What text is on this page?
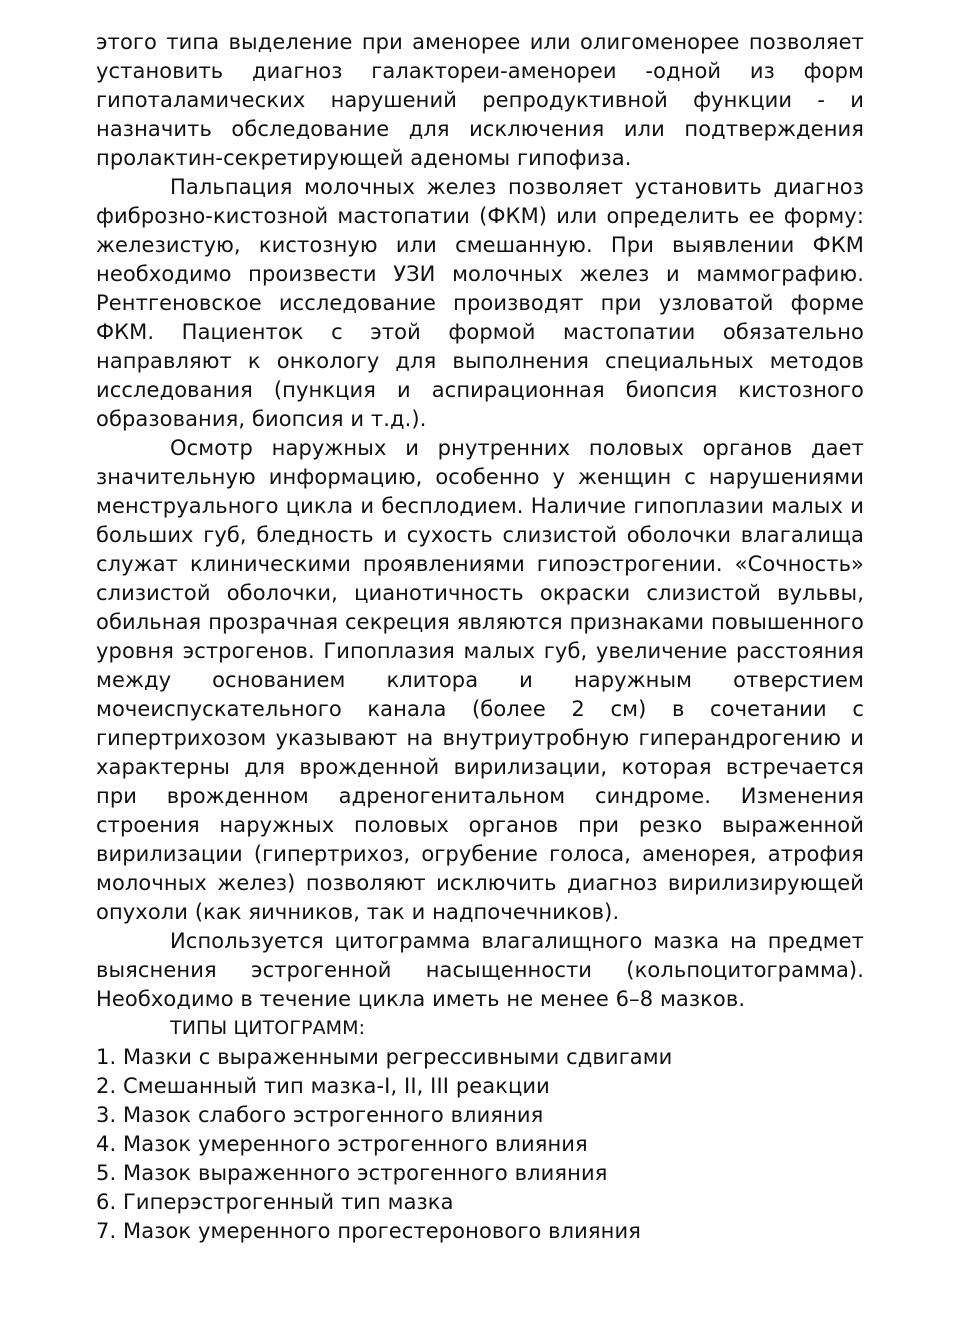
этого типа выделение при аменорее или олигоменорее позволяет установить диагноз галактореи-аменореи -одной из форм гипоталамических нарушений репродуктивной функции - и назначить обследование для исключения или подтверждения пролактин-секретирующей аденомы гипофиза.

Пальпация молочных желез позволяет установить диагноз фиброзно-кистозной мастопатии (ФКМ) или определить ее форму: железистую, кистозную или смешанную. При выявлении ФКМ необходимо произвести УЗИ молочных желез и маммографию. Рентгеновское исследование производят при узловатой форме ФКМ. Пациенток с этой формой мастопатии обязательно направляют к онкологу для выполнения специальных методов исследования (пункция и аспирационная биопсия кистозного образования, биопсия и т.д.).

Осмотр наружных и рнутренних половых органов дает значительную информацию, особенно у женщин с нарушениями менструального цикла и бесплодием. Наличие гипоплазии малых и больших губ, бледность и сухость слизистой оболочки влагалища служат клиническими проявлениями гипоэстрогении. «Сочность» слизистой оболочки, цианотичность окраски слизистой вульвы, обильная прозрачная секреция являются признаками повышенного уровня эстрогенов. Гипоплазия малых губ, увеличение расстояния между основанием клитора и наружным отверстием мочеиспускательного канала (более 2 см) в сочетании с гипертрихозом указывают на внутриутробную гиперандрогению и характерны для врожденной вирилизации, которая встречается при врожденном адреногенитальном синдроме. Изменения строения наружных половых органов при резко выраженной вирилизации (гипертрихоз, огрубение голоса, аменорея, атрофия молочных желез) позволяют исключить диагноз вирилизирующей опухоли (как яичников, так и надпочечников).

Используется цитограмма влагалищного мазка на предмет выяснения эстрогенной насыщенности (кольпоцитограмма). Необходимо в течение цикла иметь не менее 6–8 мазков.

ТИПЫ ЦИТОГРАММ:

1. Мазки с выраженными регрессивными сдвигами
2. Смешанный тип мазка-I, II, III реакции
3. Мазок слабого эстрогенного влияния
4. Мазок умеренного эстрогенного влияния
5. Мазок выраженного эстрогенного влияния
6. Гиперэстрогенный тип мазка
7. Мазок умеренного прогестеронового влияния
